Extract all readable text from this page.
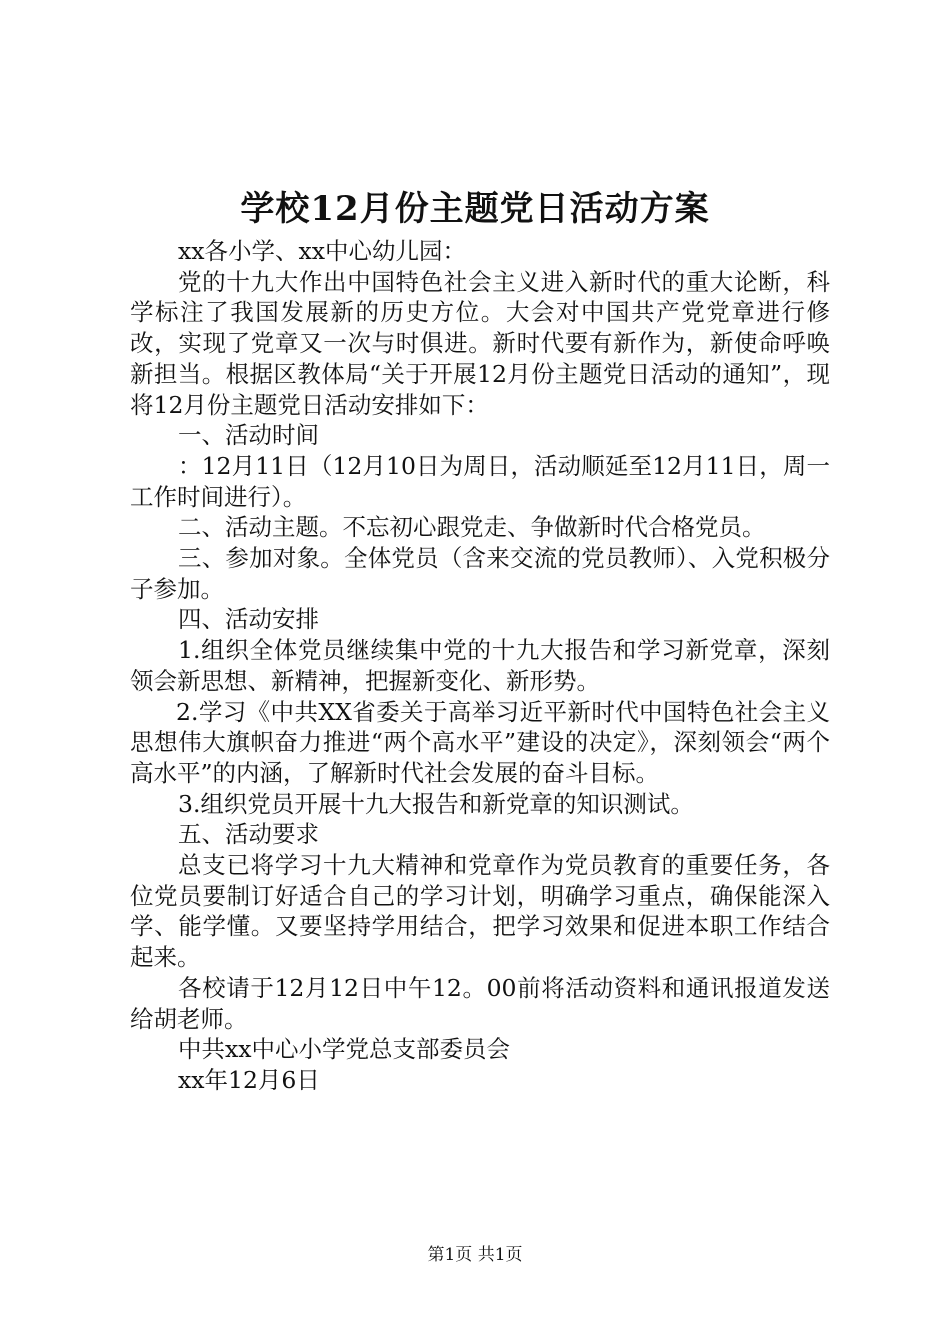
学校12月份主题党日活动方案

xx各小学、xx中心幼儿园：

党的十九大作出中国特色社会主义进入新时代的重大论断，科学标注了我国发展新的历史方位。大会对中国共产党党章进行修改，实现了党章又一次与时俱进。新时代要有新作为，新使命呼唤新担当。根据区教体局“关于开展12月份主题党日活动的通知”，现将12月份主题党日活动安排如下：

一、活动时间

：12月11日（12月10日为周日，活动顺延至12月11日，周一工作时间进行）。

二、活动主题。不忘初心跟党走、争做新时代合格党员。

三、参加对象。全体党员（含来交流的党员教师）、入党积极分子参加。

四、活动安排

1.组织全体党员继续集中党的十九大报告和学习新党章，深刻领会新思想、新精神，把握新变化、新形势。

2.学习《中共XX省委关于高举习近平新时代中国特色社会主义思想伟大旗帜奋力推进“两个高水平”建设的决定》，深刻领会“两个高水平”的内涵，了解新时代社会发展的奋斗目标。

3.组织党员开展十九大报告和新党章的知识测试。

五、活动要求

总支已将学习十九大精神和党章作为党员教育的重要任务，各位党员要制订好适合自己的学习计划，明确学习重点，确保能深入学、能学懂。又要坚持学用结合，把学习效果和促进本职工作结合起来。

各校请于12月12日中午12。00前将活动资料和通讯报道发送给胡老师。

中共xx中心小学党总支部委员会

xx年12月6日

第1页 共1页
